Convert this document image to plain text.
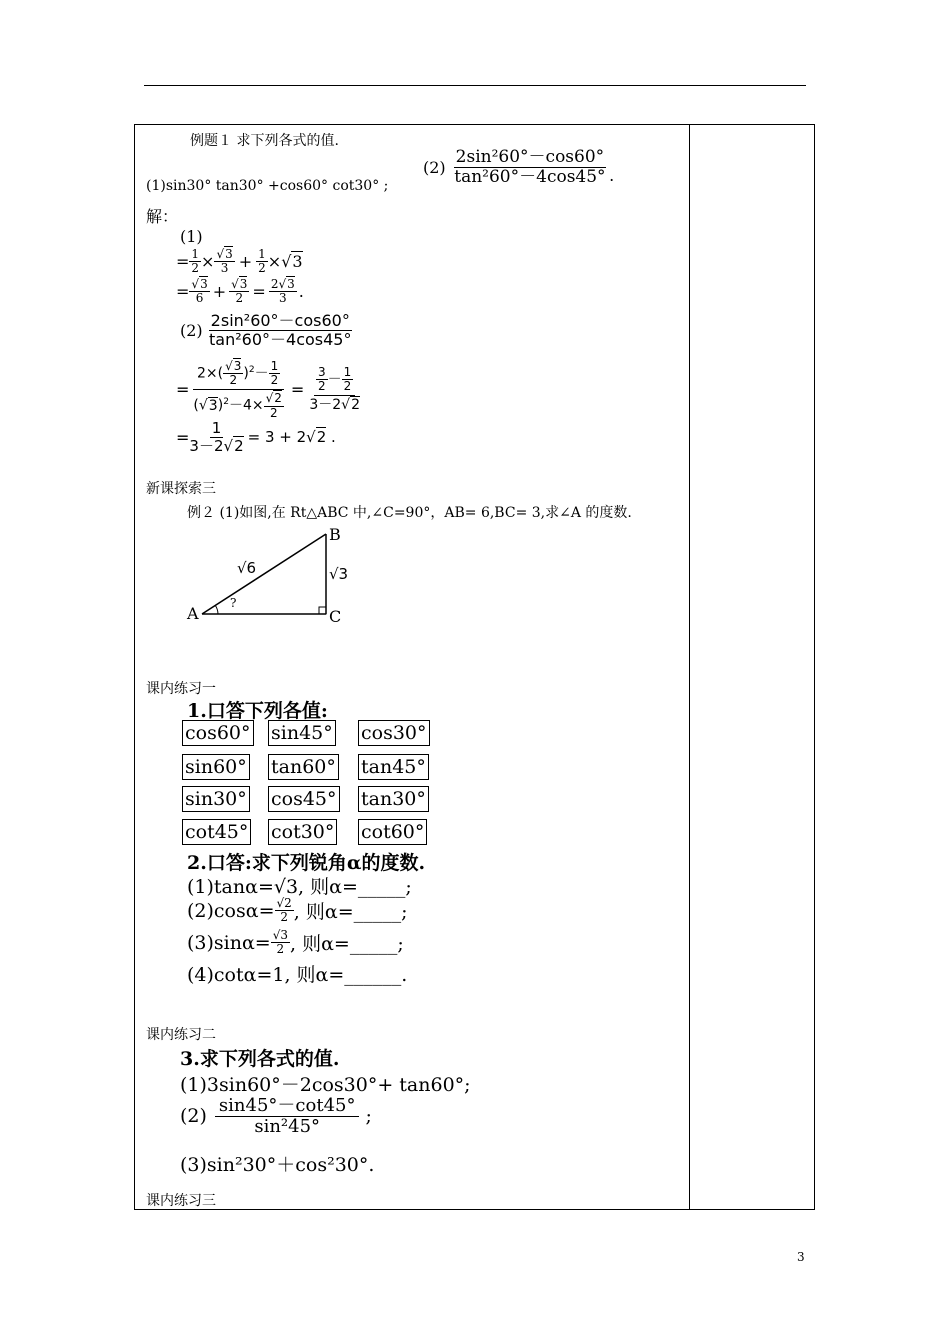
例题１ 求下列各式的值.
(1)sin30° tan30° +cos60° cot30° ;
$(2) \frac{\text{2sin²60°－cos60°}}{\text{tan²60°－4cos45°}}$ .
解：
(1)
= $\frac{1}{2} \times \frac{√3}{3} + \frac{1}{2} \times √3$
= $\frac{√3}{6} + \frac{√3}{2} = \frac{2√3}{3}$ .
$(2) \frac{\text{2sin²60°－cos60°}}{\text{tan²60°－4cos45°}}$
= $\frac{2\times( \frac{√3}{2} )^2- \frac{1}{2}}{(√3)^2-4\times \frac{√2}{2}} = \frac{\frac{3}{2} - \frac{1}{2}}{3-2√2}$
= $\frac{1}{3-2√2} = 3 + 2√2$ .
新课探索三
例２ (1)如图,在 Rt△ABC 中,∠C=90°，AB= 6,BC= 3,求∠A 的度数.
A
B
C
√6	√3
?
课内练习一
1.口答下列各值:
cos60° sin45° cos30°
sin60° tan60° tan45°
sin30° cos45° tan30°
cot45° cot30° cot60°
2.口答:求下列锐角α的度数.
(1)tanα=√3, 则α=_____;
$(2)\cos\alpha= \frac{√2}{2}$ , 则α=_____;
$(3)\sin\alpha= \frac{√3}{2}$ , 则α=_____;
(4)cotα=1, 则α=______.
课内练习二
3.求下列各式的值.
(1)3sin60°－2cos30°+ tan60°;
$(2) \frac{\sin 45^\circ-\cot 45^\circ}{\text{sin²45°}}$ ;
(3)sin²30°＋cos²30°.
课内练习三
3
